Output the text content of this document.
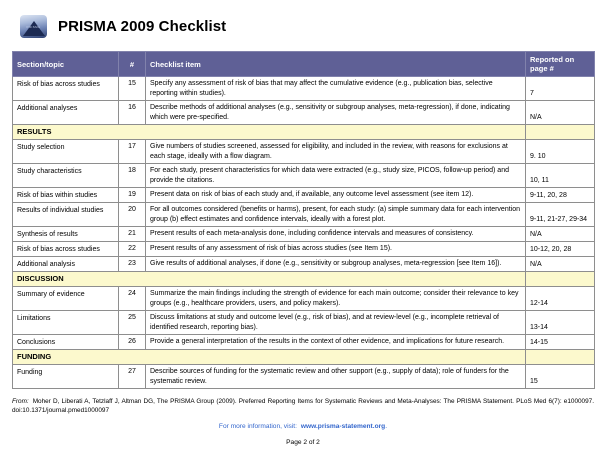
PRISMA	PRISMA 2009 Checklist
Section/topic	#	Checklist item	Reported on page #
Risk of bias across studies	15	Specify any assessment of risk of bias that may affect the cumulative evidence (e.g., publication bias, selective reporting within studies).	7
Additional analyses	16	Describe methods of additional analyses (e.g., sensitivity or subgroup analyses, meta-regression), if done, indicating which were pre-specified.	N/A
RESULTS			
Study selection	17	Give numbers of studies screened, assessed for eligibility, and included in the review, with reasons for exclusions at each stage, ideally with a flow diagram.	9. 10
Study characteristics	18	For each study, present characteristics for which data were extracted (e.g., study size, PICOS, follow-up period) and provide the citations.	10, 11
Risk of bias within studies	19	Present data on risk of bias of each study and, if available, any outcome level assessment (see item 12).	9-11, 20, 28
Results of individual studies	20	For all outcomes considered (benefits or harms), present, for each study: (a) simple summary data for each intervention group (b) effect estimates and confidence intervals, ideally with a forest plot.	9-11, 21-27, 29-34
Synthesis of results	21	Present results of each meta-analysis done, including confidence intervals and measures of consistency.	N/A
Risk of bias across studies	22	Present results of any assessment of risk of bias across studies (see Item 15).	10-12, 20, 28
Additional analysis	23	Give results of additional analyses, if done (e.g., sensitivity or subgroup analyses, meta-regression [see Item 16]).	N/A
DISCUSSION			
Summary of evidence	24	Summarize the main findings including the strength of evidence for each main outcome; consider their relevance to key groups (e.g., healthcare providers, users, and policy makers).	12-14
Limitations	25	Discuss limitations at study and outcome level (e.g., risk of bias), and at review-level (e.g., incomplete retrieval of identified research, reporting bias).	13-14
Conclusions	26	Provide a general interpretation of the results in the context of other evidence, and implications for future research.	14-15
FUNDING			
Funding	27	Describe sources of funding for the systematic review and other support (e.g., supply of data); role of funders for the systematic review.	15
From: Moher D, Liberati A, Tetzlaff J, Altman DG, The PRISMA Group (2009). Preferred Reporting Items for Systematic Reviews and Meta-Analyses: The PRISMA Statement. PLoS Med 6(7): e1000097. doi:10.1371/journal.pmed1000097
For more information, visit: www.prisma-statement.org.
Page 2 of 2
